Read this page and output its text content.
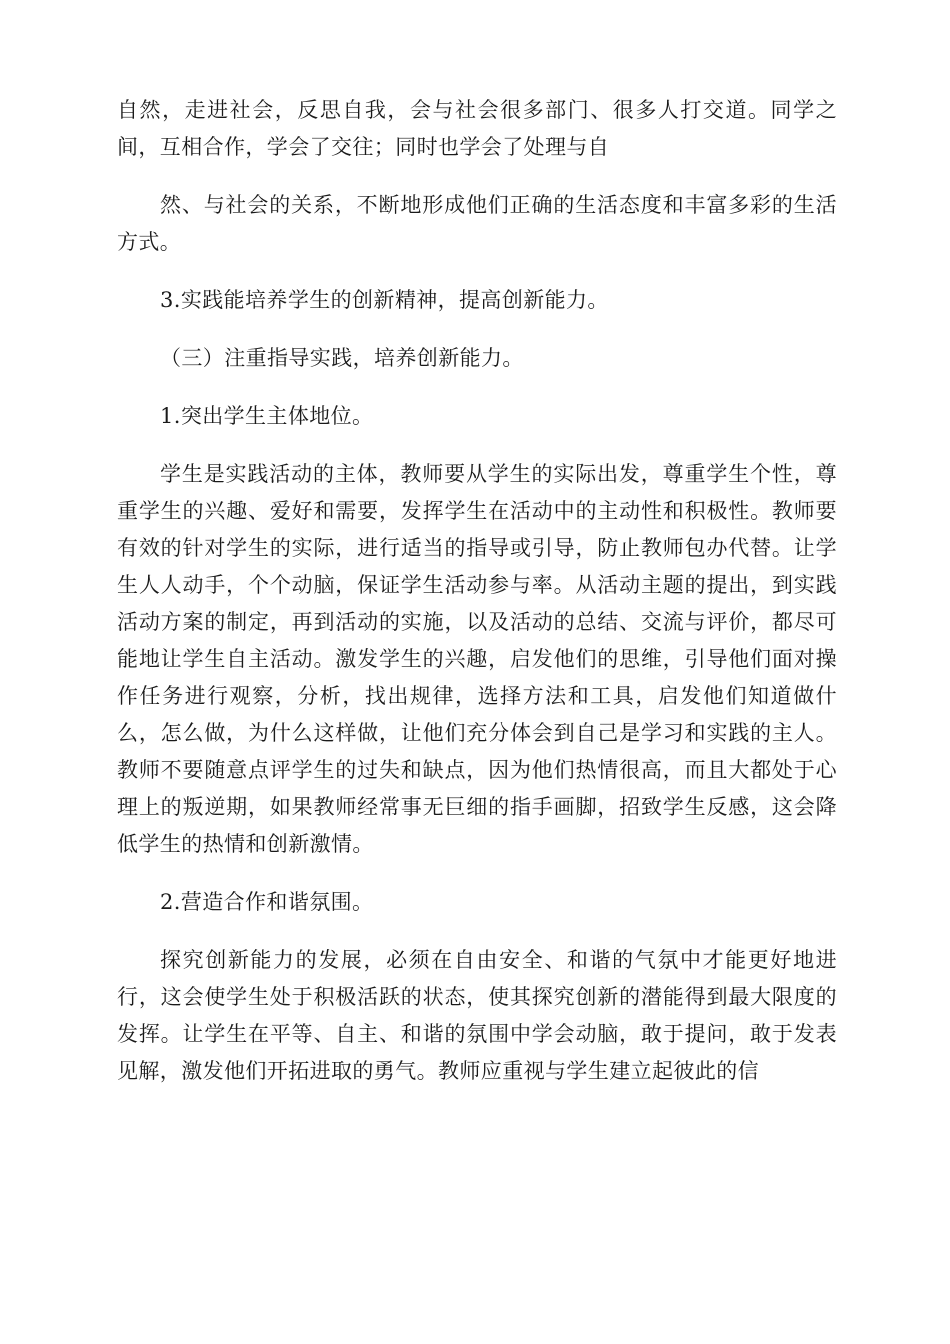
自然，走进社会，反思自我，会与社会很多部门、很多人打交道。同学之间，互相合作，学会了交往；同时也学会了处理与自

然、与社会的关系，不断地形成他们正确的生活态度和丰富多彩的生活方式。

3.实践能培养学生的创新精神，提高创新能力。

（三）注重指导实践，培养创新能力。

1.突出学生主体地位。

学生是实践活动的主体，教师要从学生的实际出发，尊重学生个性，尊重学生的兴趣、爱好和需要，发挥学生在活动中的主动性和积极性。教师要有效的针对学生的实际，进行适当的指导或引导，防止教师包办代替。让学生人人动手，个个动脑，保证学生活动参与率。从活动主题的提出，到实践活动方案的制定，再到活动的实施，以及活动的总结、交流与评价，都尽可能地让学生自主活动。激发学生的兴趣，启发他们的思维，引导他们面对操作任务进行观察，分析，找出规律，选择方法和工具，启发他们知道做什么，怎么做，为什么这样做，让他们充分体会到自己是学习和实践的主人。教师不要随意点评学生的过失和缺点，因为他们热情很高，而且大都处于心理上的叛逆期，如果教师经常事无巨细的指手画脚，招致学生反感，这会降低学生的热情和创新激情。

2.营造合作和谐氛围。

探究创新能力的发展，必须在自由安全、和谐的气氛中才能更好地进行，这会使学生处于积极活跃的状态，使其探究创新的潜能得到最大限度的发挥。让学生在平等、自主、和谐的氛围中学会动脑，敢于提问，敢于发表见解，激发他们开拓进取的勇气。教师应重视与学生建立起彼此的信
